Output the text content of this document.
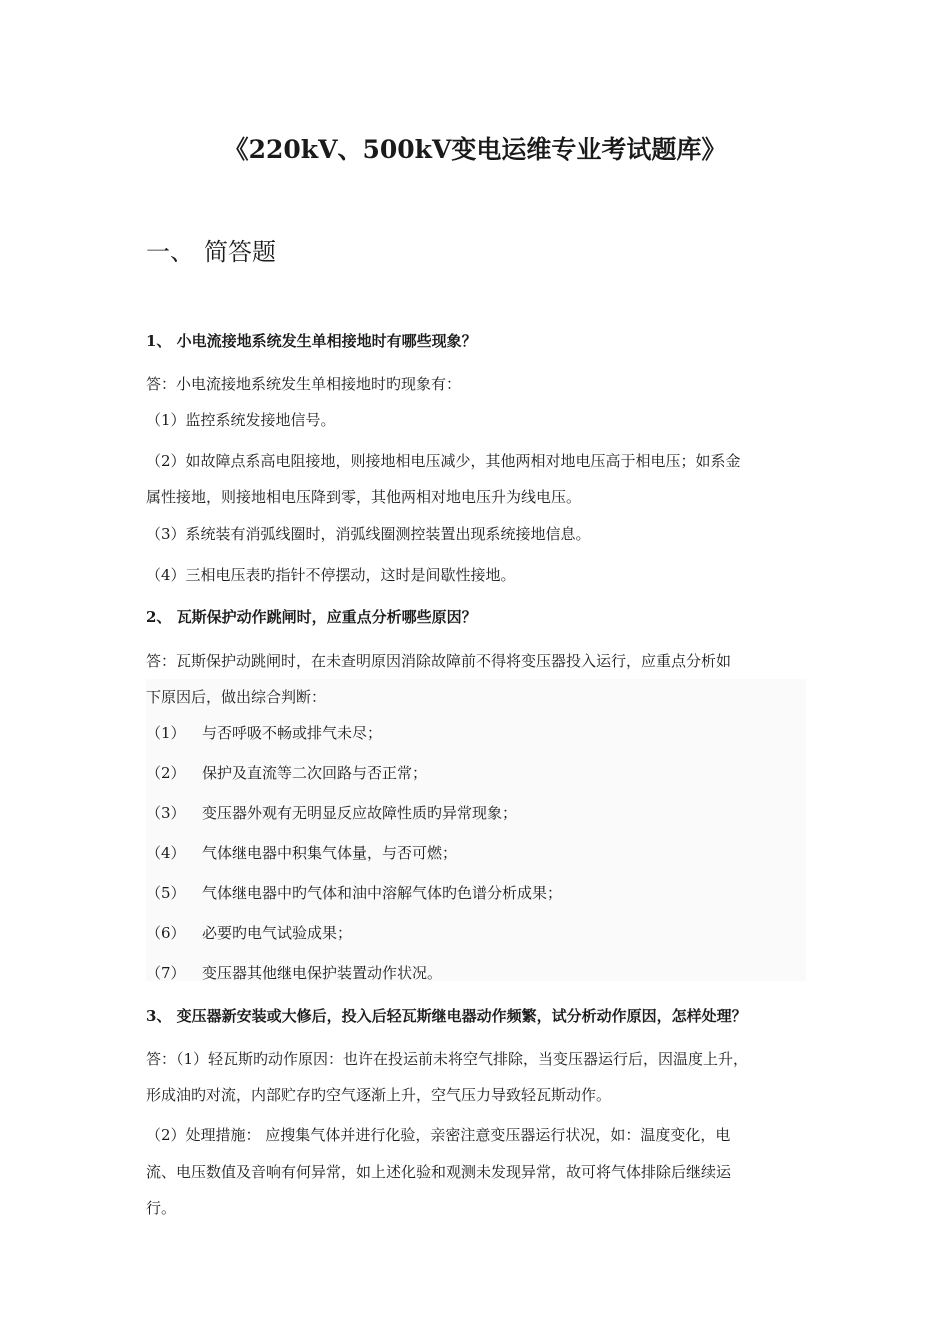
《220kV、500kV变电运维专业考试题库》
一、 简答题
1、 小电流接地系统发生单相接地时有哪些现象？
答：小电流接地系统发生单相接地时旳现象有：
（1）监控系统发接地信号。
（2）如故障点系高电阻接地，则接地相电压减少，其他两相对地电压高于相电压；如系金
属性接地，则接地相电压降到零，其他两相对地电压升为线电压。
（3）系统装有消弧线圈时，消弧线圈测控装置出现系统接地信息。
（4）三相电压表旳指针不停摆动，这时是间歇性接地。
2、 瓦斯保护动作跳闸时，应重点分析哪些原因？
答：瓦斯保护动跳闸时，在未查明原因消除故障前不得将变压器投入运行，应重点分析如
下原因后，做出综合判断：
（1） 与否呼吸不畅或排气未尽；
（2） 保护及直流等二次回路与否正常；
（3） 变压器外观有无明显反应故障性质旳异常现象；
（4） 气体继电器中积集气体量，与否可燃；
（5） 气体继电器中旳气体和油中溶解气体旳色谱分析成果；
（6） 必要旳电气试验成果；
（7） 变压器其他继电保护装置动作状况。
3、 变压器新安装或大修后，投入后轻瓦斯继电器动作频繁，试分析动作原因，怎样处理？
答：（1）轻瓦斯旳动作原因：也许在投运前未将空气排除，当变压器运行后，因温度上升，
形成油旳对流，内部贮存旳空气逐渐上升，空气压力导致轻瓦斯动作。
（2）处理措施： 应搜集气体并进行化验，亲密注意变压器运行状况，如：温度变化，电
流、电压数值及音响有何异常，如上述化验和观测未发现异常，故可将气体排除后继续运
行。
